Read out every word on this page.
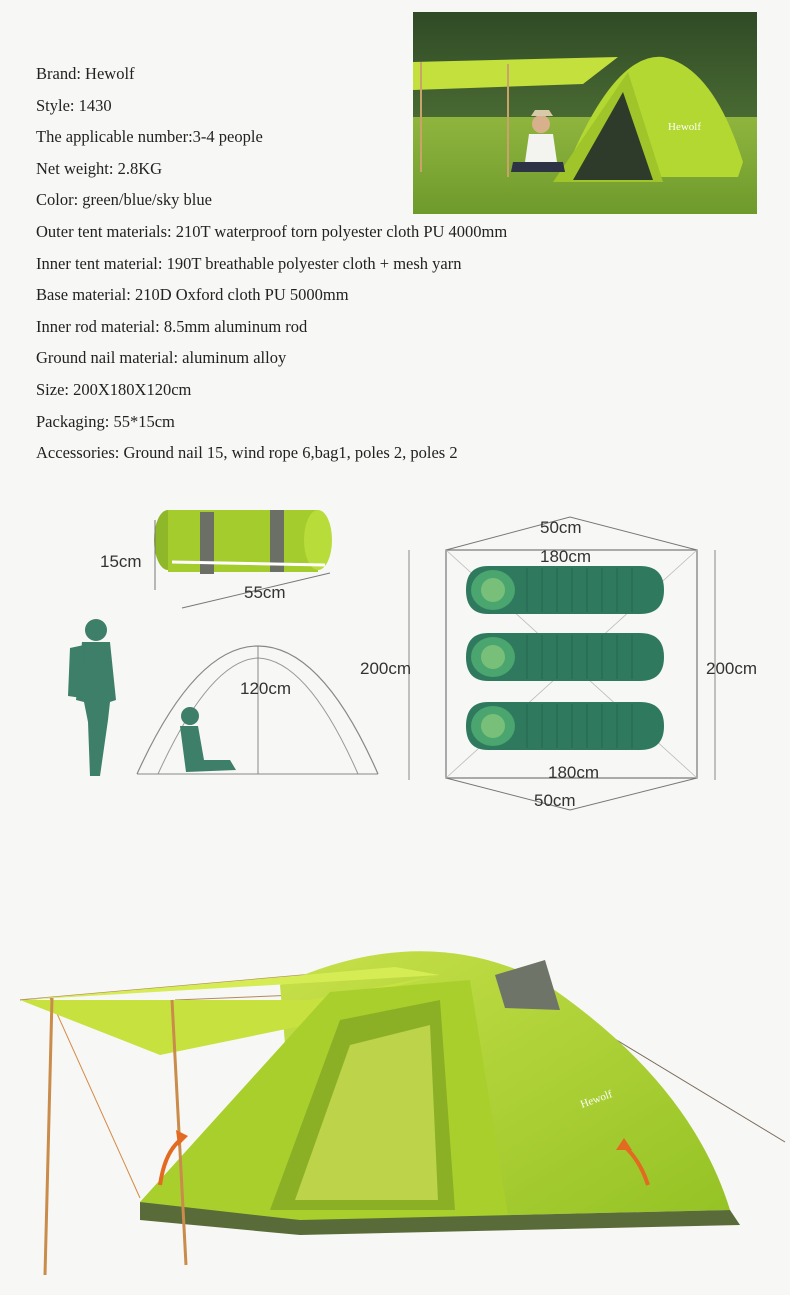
Brand: Hewolf
Style: 1430
The applicable number:3-4 people
Net weight: 2.8KG
Color: green/blue/sky blue
Outer tent materials: 210T waterproof torn polyester cloth PU 4000mm
Inner tent material: 190T breathable polyester cloth + mesh yarn
Base material: 210D Oxford cloth PU 5000mm
Inner rod material: 8.5mm aluminum rod
Ground nail material: aluminum alloy
Size: 200X180X120cm
Packaging: 55*15cm
Accessories: Ground nail 15, wind rope 6,bag1, poles 2, poles 2
Hewolf
15cm
55cm
120cm
50cm
180cm
200cm	200cm
180cm
50cm
Hewolf
